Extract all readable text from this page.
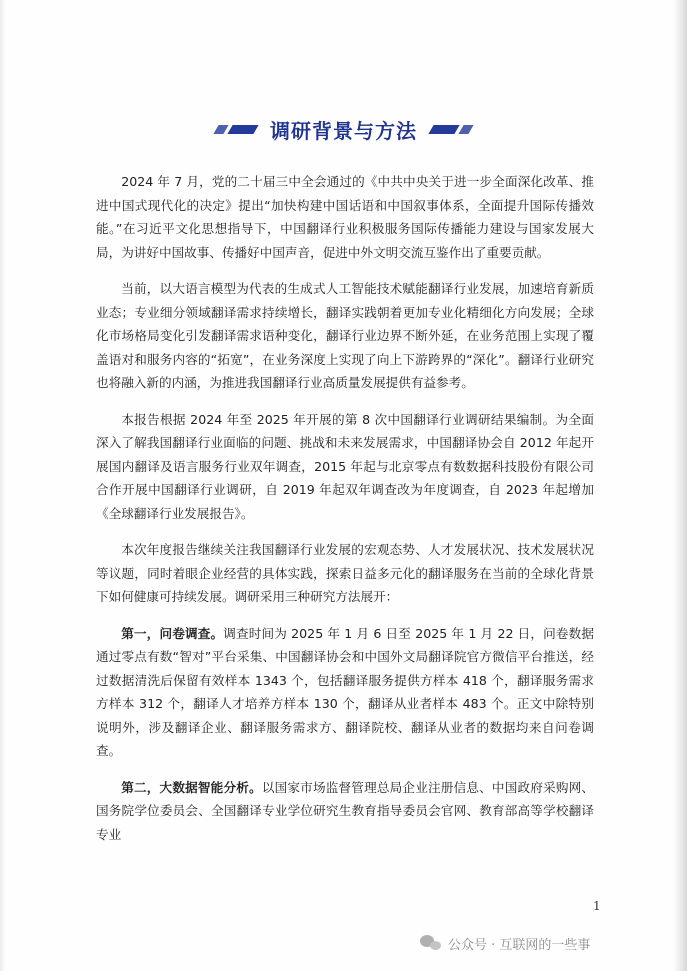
调研背景与方法

2024 年 7 月，党的二十届三中全会通过的《中共中央关于进一步全面深化改革、推进中国式现代化的决定》提出“加快构建中国话语和中国叙事体系，全面提升国际传播效能。”在习近平文化思想指导下，中国翻译行业积极服务国际传播能力建设与国家发展大局，为讲好中国故事、传播好中国声音，促进中外文明交流互鉴作出了重要贡献。

当前，以大语言模型为代表的生成式人工智能技术赋能翻译行业发展，加速培育新质业态；专业细分领域翻译需求持续增长，翻译实践朝着更加专业化精细化方向发展；全球化市场格局变化引发翻译需求语种变化，翻译行业边界不断外延，在业务范围上实现了覆盖语对和服务内容的“拓宽”，在业务深度上实现了向上下游跨界的“深化”。翻译行业研究也将融入新的内涵，为推进我国翻译行业高质量发展提供有益参考。

本报告根据 2024 年至 2025 年开展的第 8 次中国翻译行业调研结果编制。为全面深入了解我国翻译行业面临的问题、挑战和未来发展需求，中国翻译协会自 2012 年起开展国内翻译及语言服务行业双年调查，2015 年起与北京零点有数数据科技股份有限公司合作开展中国翻译行业调研，自 2019 年起双年调查改为年度调查，自 2023 年起增加《全球翻译行业发展报告》。

本次年度报告继续关注我国翻译行业发展的宏观态势、人才发展状况、技术发展状况等议题，同时着眼企业经营的具体实践，探索日益多元化的翻译服务在当前的全球化背景下如何健康可持续发展。调研采用三种研究方法展开：

第一，问卷调查。调查时间为 2025 年 1 月 6 日至 2025 年 1 月 22 日，问卷数据通过零点有数“智对”平台采集、中国翻译协会和中国外文局翻译院官方微信平台推送，经过数据清洗后保留有效样本 1343 个，包括翻译服务提供方样本 418 个，翻译服务需求方样本 312 个，翻译人才培养方样本 130 个，翻译从业者样本 483 个。正文中除特别说明外，涉及翻译企业、翻译服务需求方、翻译院校、翻译从业者的数据均来自问卷调查。

第二，大数据智能分析。以国家市场监督管理总局企业注册信息、中国政府采购网、国务院学位委员会、全国翻译专业学位研究生教育指导委员会官网、教育部高等学校翻译专业

1
公众号 · 互联网的一些事
